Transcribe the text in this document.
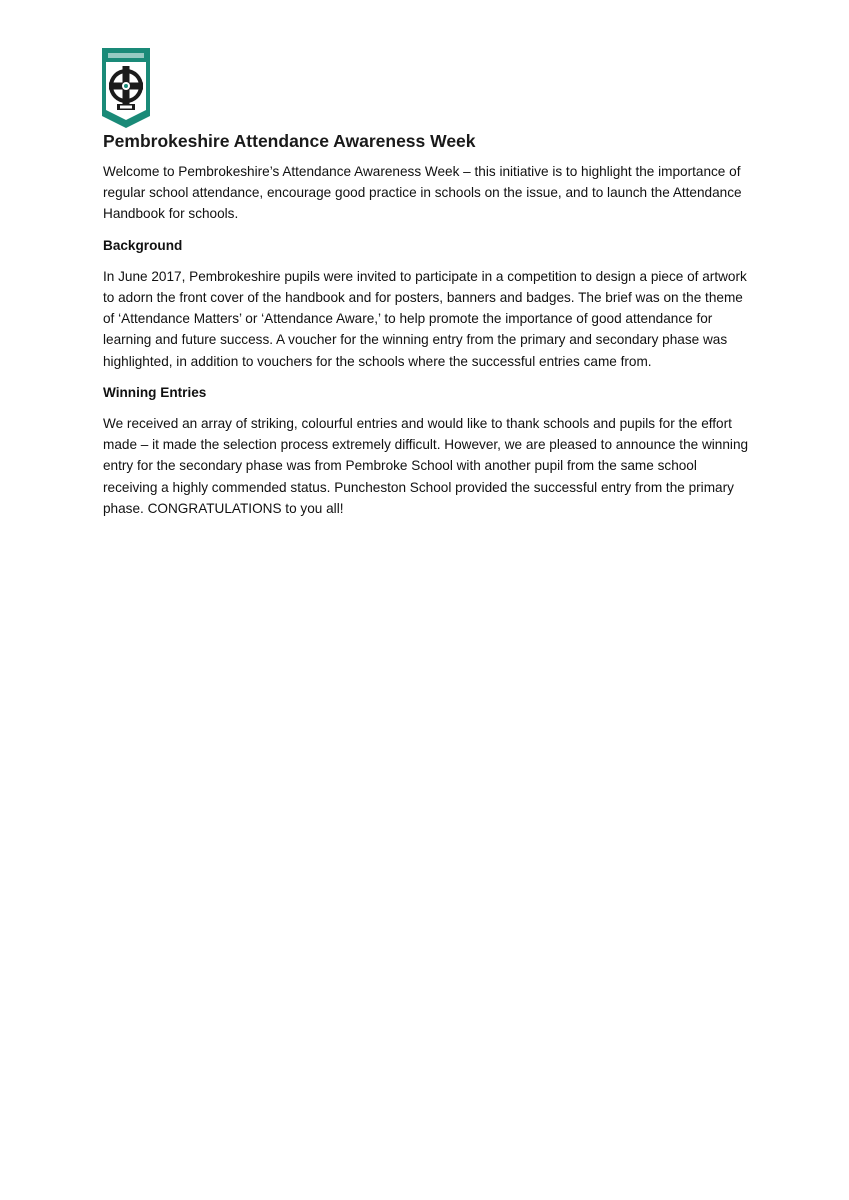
Pembrokeshire Attendance Awareness Week

Welcome to Pembrokeshire’s Attendance Awareness Week – this initiative is to highlight the importance of regular school attendance, encourage good practice in schools on the issue, and to launch the Attendance Handbook for schools.

Background

In June 2017, Pembrokeshire pupils were invited to participate in a competition to design a piece of artwork to adorn the front cover of the handbook and for posters, banners and badges. The brief was on the theme of ‘Attendance Matters’ or ‘Attendance Aware,’ to help promote the importance of good attendance for learning and future success. A voucher for the winning entry from the primary and secondary phase was highlighted, in addition to vouchers for the schools where the successful entries came from.

Winning Entries

We received an array of striking, colourful entries and would like to thank schools and pupils for the effort made – it made the selection process extremely difficult. However, we are pleased to announce the winning entry for the secondary phase was from Pembroke School with another pupil from the same school receiving a highly commended status. Puncheston School provided the successful entry from the primary phase. CONGRATULATIONS to you all!
